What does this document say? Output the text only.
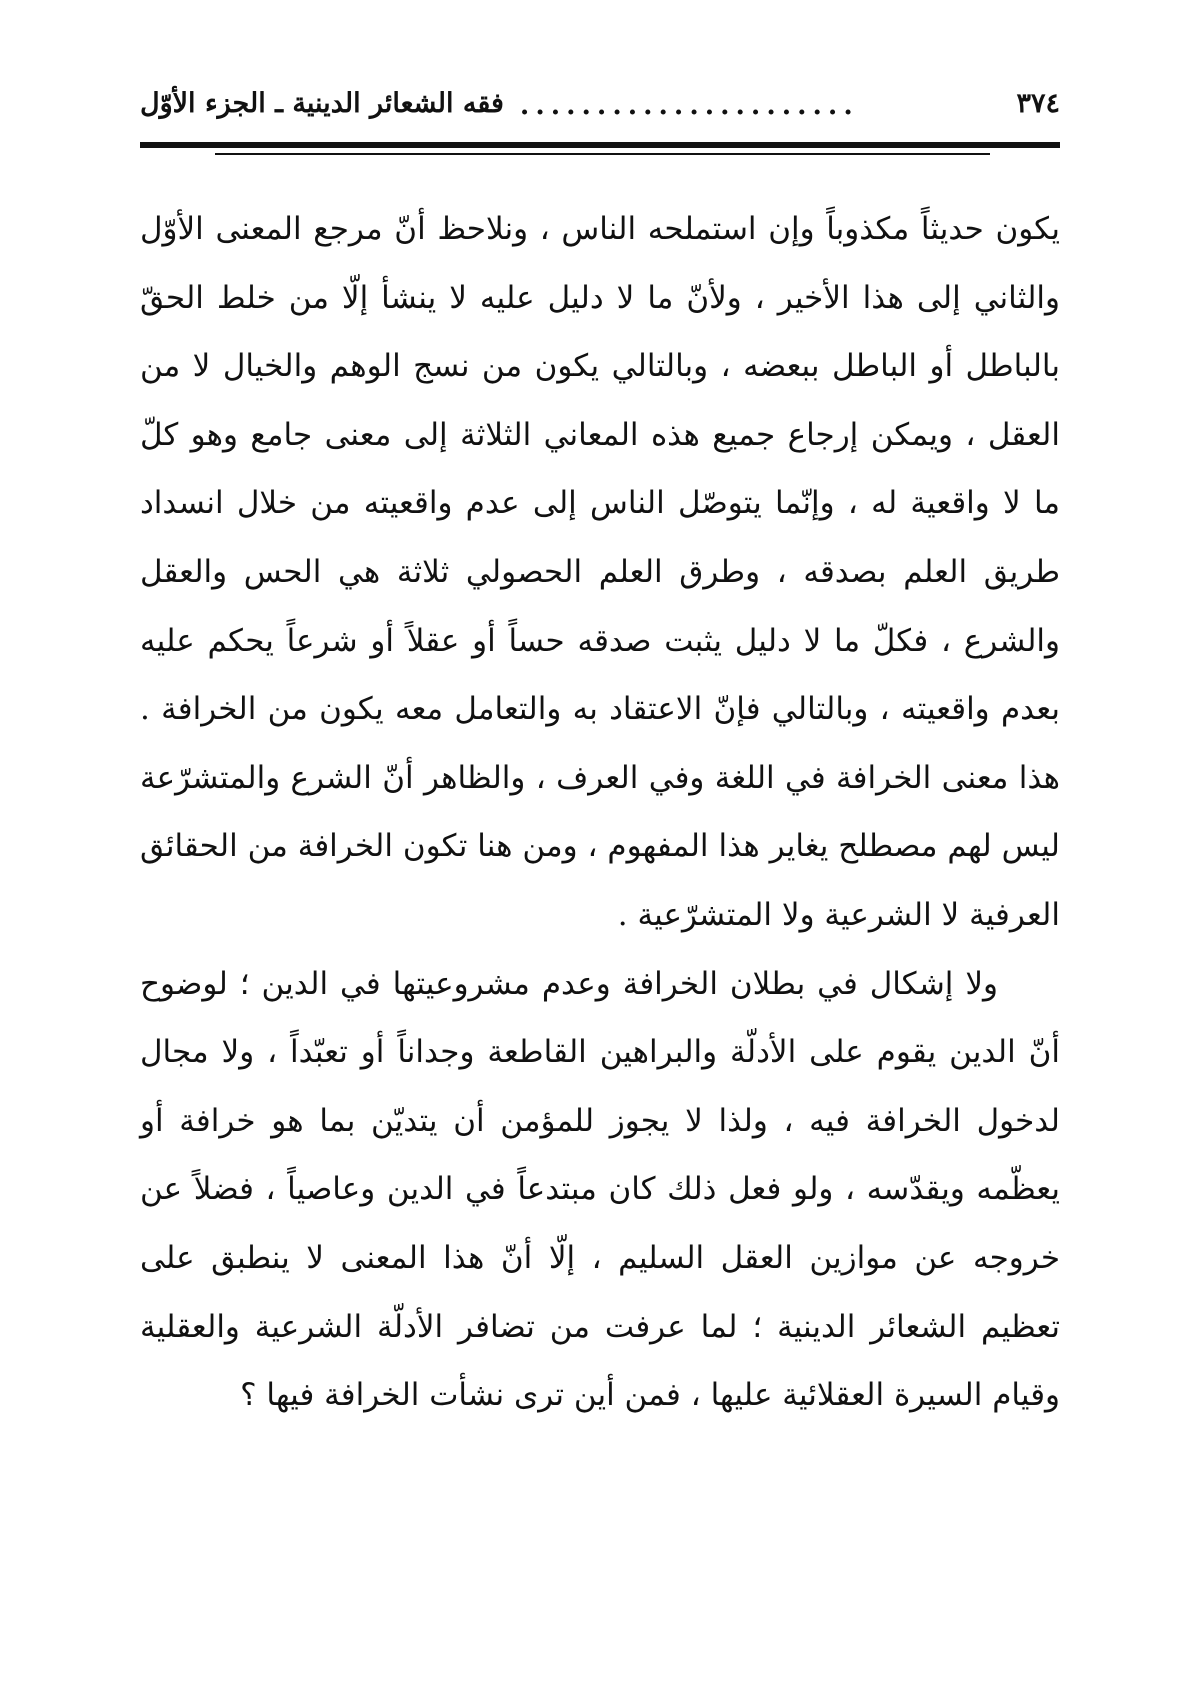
٣٧٤
......................
فقه الشعائر الدينية ـ الجزء الأوّل

يكون حديثاً مكذوباً وإن استملحه الناس ، ونلاحظ أنّ مرجع المعنى الأوّل والثاني إلى هذا الأخير ، ولأنّ ما لا دليل عليه لا ينشأ إلّا من خلط الحقّ بالباطل أو الباطل ببعضه ، وبالتالي يكون من نسج الوهم والخيال لا من العقل ، ويمكن إرجاع جميع هذه المعاني الثلاثة إلى معنى جامع وهو كلّ ما لا واقعية له ، وإنّما يتوصّل الناس إلى عدم واقعيته من خلال انسداد طريق العلم بصدقه ، وطرق العلم الحصولي ثلاثة هي الحس والعقل والشرع ، فكلّ ما لا دليل يثبت صدقه حساً أو عقلاً أو شرعاً يحكم عليه بعدم واقعيته ، وبالتالي فإنّ الاعتقاد به والتعامل معه يكون من الخرافة . هذا معنى الخرافة في اللغة وفي العرف ، والظاهر أنّ الشرع والمتشرّعة ليس لهم مصطلح يغاير هذا المفهوم ، ومن هنا تكون الخرافة من الحقائق العرفية لا الشرعية ولا المتشرّعية .

ولا إشكال في بطلان الخرافة وعدم مشروعيتها في الدين ؛ لوضوح أنّ الدين يقوم على الأدلّة والبراهين القاطعة وجداناً أو تعبّداً ، ولا مجال لدخول الخرافة فيه ، ولذا لا يجوز للمؤمن أن يتديّن بما هو خرافة أو يعظّمه ويقدّسه ، ولو فعل ذلك كان مبتدعاً في الدين وعاصياً ، فضلاً عن خروجه عن موازين العقل السليم ، إلّا أنّ هذا المعنى لا ينطبق على تعظيم الشعائر الدينية ؛ لما عرفت من تضافر الأدلّة الشرعية والعقلية وقيام السيرة العقلائية عليها ، فمن أين ترى نشأت الخرافة فيها ؟
